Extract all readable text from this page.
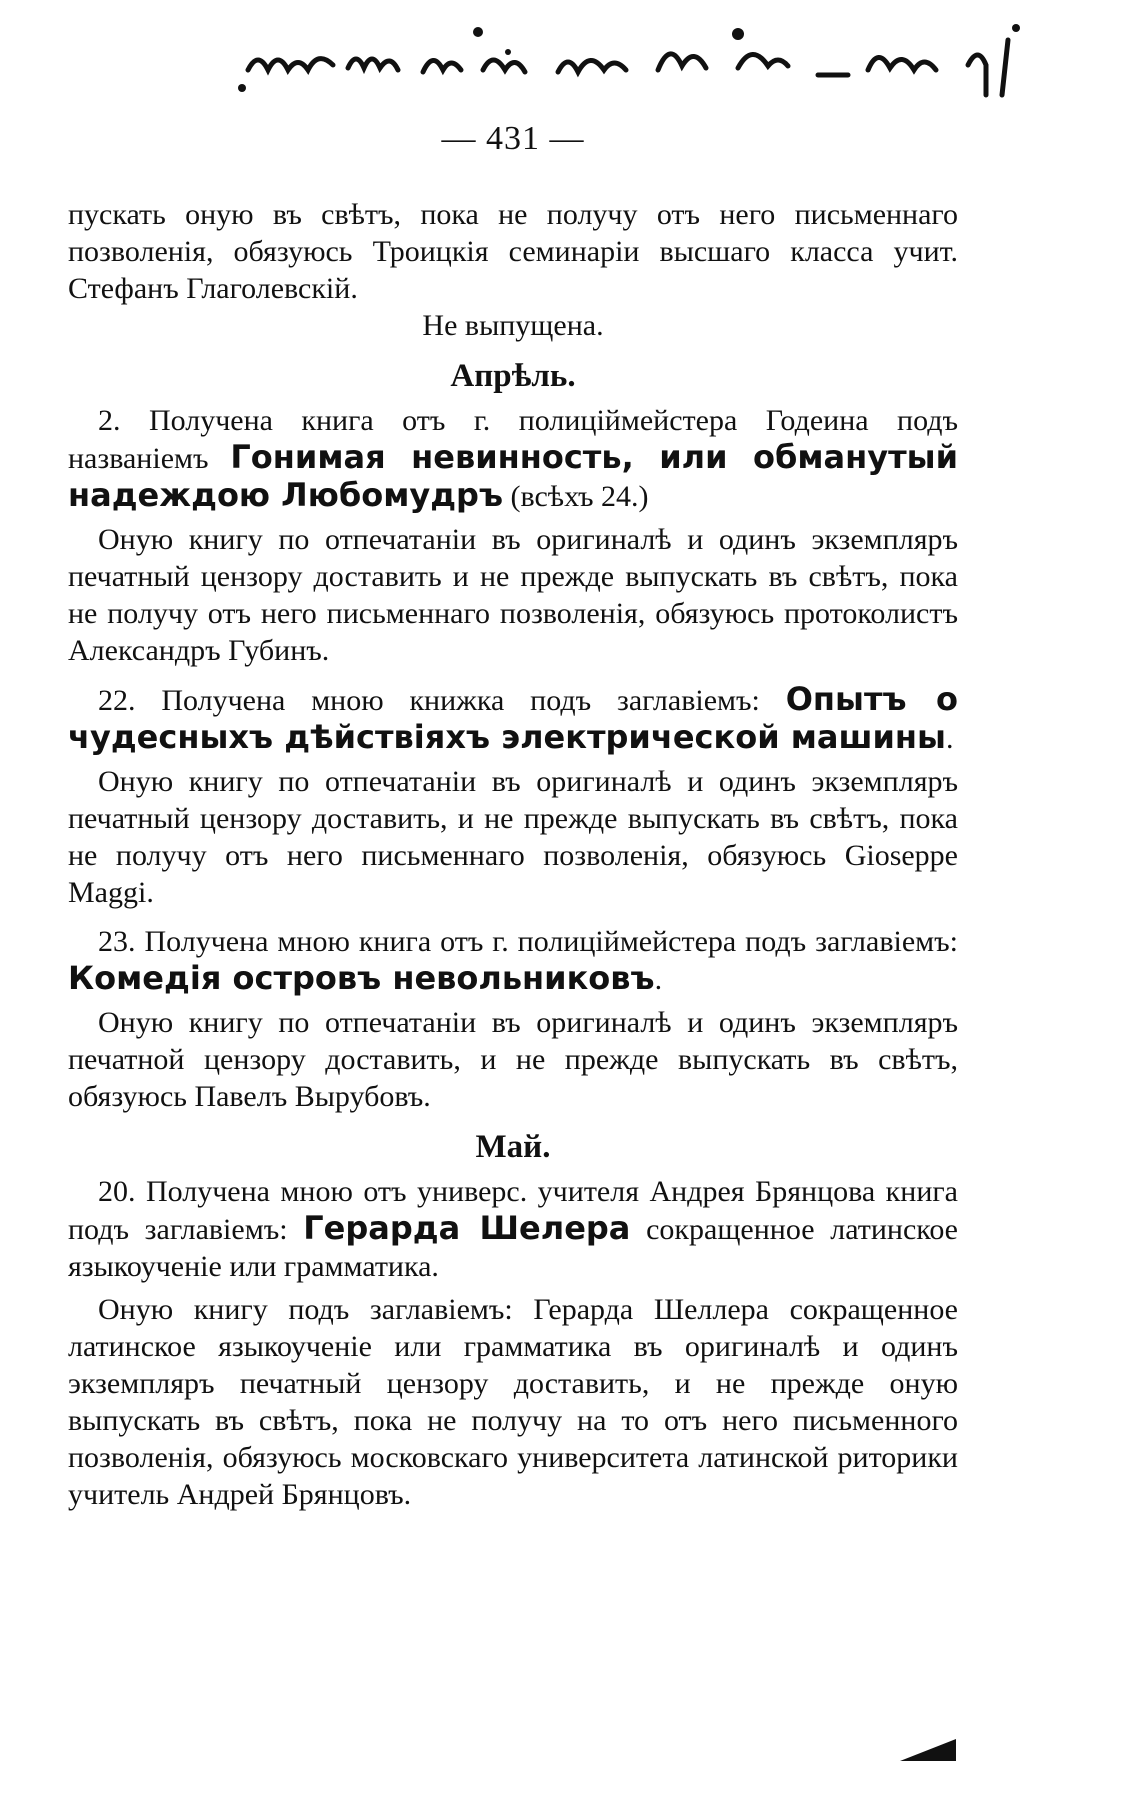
— 431 —

пускать оную въ свѣтъ, пока не получу отъ него письменнаго позволенія, обязуюсь Троицкія семинаріи высшаго класса учит. Стефанъ Глаголевскій.

Не выпущена.
Апрѣль.

2. Получена книга отъ г. полиціймейстера Годеина подъ названіемъ Гонимая невинность, или обманутый надеждою Любомудръ (всѣхъ 24.)

Оную книгу по отпечатаніи въ оригиналѣ и одинъ экземпляръ печатный цензору доставить и не прежде выпускать въ свѣтъ, пока не получу отъ него письменнаго позволенія, обязуюсь протоколистъ Александръ Губинъ.

22. Получена мною книжка подъ заглавіемъ: Опытъ о чудесныхъ дѣйствіяхъ электрической машины.

Оную книгу по отпечатаніи въ оригиналѣ и одинъ экземпляръ печатный цензору доставить, и не прежде выпускать въ свѣтъ, пока не получу отъ него письменнаго позволенія, обязуюсь Gioseppe Maggi.

23. Получена мною книга отъ г. полиціймейстера подъ заглавіемъ: Комедія островъ невольниковъ.

Оную книгу по отпечатаніи въ оригиналѣ и одинъ экземпляръ печатной цензору доставить, и не прежде выпускать въ свѣтъ, обязуюсь Павелъ Вырубовъ.

Май.

20. Получена мною отъ универс. учителя Андрея Брянцова книга подъ заглавіемъ: Герарда Шелера сокращенное латинское языкоученіе или грамматика.

Оную книгу подъ заглавіемъ: Герарда Шеллера сокращенное латинское языкоученіе или грамматика въ оригиналѣ и одинъ экземпляръ печатный цензору доставить, и не прежде оную выпускать въ свѣтъ, пока не получу на то отъ него письменного позволенія, обязуюсь московскаго университета латинской риторики учитель Андрей Брянцовъ.
